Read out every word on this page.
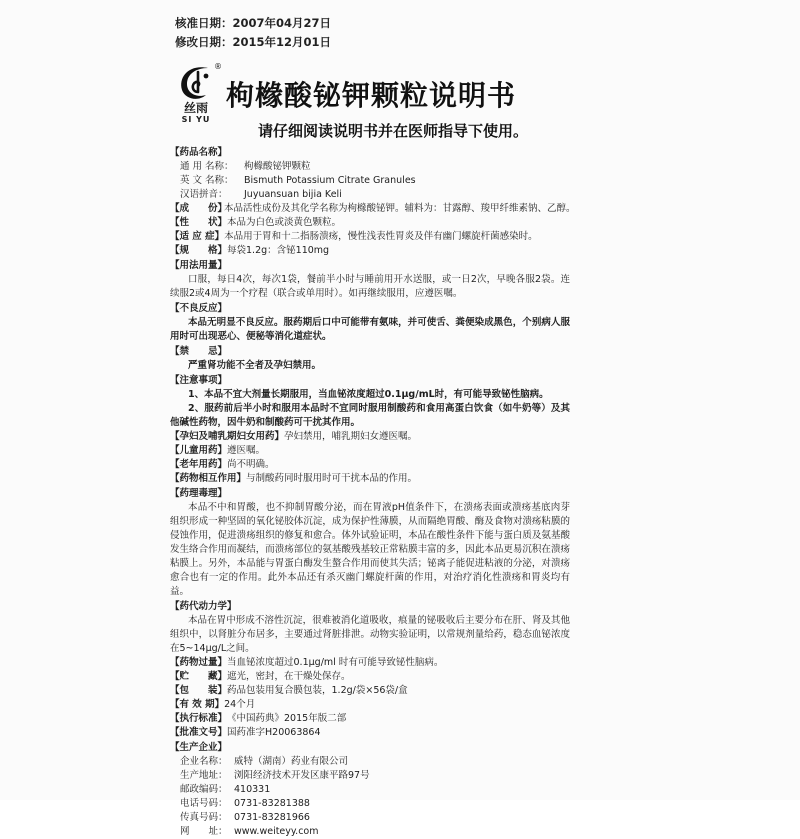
核准日期：2007年04月27日
修改日期：2015年12月01日
丝雨
SI YU
®
枸橼酸铋钾颗粒说明书
请仔细阅读说明书并在医师指导下使用。
【药品名称】
通 用 名称：	枸橼酸铋钾颗粒
英 文 名称：	Bismuth Potassium Citrate Granules
汉语拼音：	Juyuansuan bijia Keli
【成　　份】
本品活性成份及其化学名称为枸橼酸铋钾。辅料为：甘露醇、羧甲纤维素钠、乙醇。
【性　　状】 本品为白色或淡黄色颗粒。
【适 应 症】 本品用于胃和十二指肠溃疡，慢性浅表性胃炎及伴有幽门螺旋杆菌感染时。
【规　　格】 每袋1.2g：含铋110mg
【用法用量】

口服，每日4次，每次1袋，餐前半小时与睡前用开水送服，或一日2次，早晚各服2袋。连续服2或4周为一个疗程（联合或单用时）。如再继续服用，应遵医嘱。

【不良反应】

本品无明显不良反应。服药期后口中可能带有氨味，并可使舌、粪便染成黑色，个别病人服用时可出现恶心、便秘等消化道症状。

【禁　　忌】

严重肾功能不全者及孕妇禁用。

【注意事项】

1、本品不宜大剂量长期服用，当血铋浓度超过0.1μg/mL时，有可能导致铋性脑病。

2、服药前后半小时和服用本品时不宜同时服用制酸药和食用高蛋白饮食（如牛奶等）及其他碱性药物，因牛奶和制酸药可干扰其作用。

【孕妇及哺乳期妇女用药】 孕妇禁用，哺乳期妇女遵医嘱。
【儿童用药】 遵医嘱。
【老年用药】 尚不明确。
【药物相互作用】 与制酸药同时服用时可干扰本品的作用。
【药理毒理】

本品不中和胃酸，也不抑制胃酸分泌，而在胃液pH值条件下，在溃疡表面或溃疡基底肉芽组织形成一种坚固的氧化铋胶体沉淀，成为保护性薄膜，从而隔绝胃酸、酶及食物对溃疡粘膜的侵蚀作用，促进溃疡组织的修复和愈合。体外试验证明，本品在酸性条件下能与蛋白质及氨基酸发生络合作用而凝结，而溃疡部位的氨基酸残基较正常粘膜丰富的多，因此本品更易沉积在溃疡粘膜上。另外，本品能与胃蛋白酶发生螯合作用而使其失活；铋离子能促进粘液的分泌，对溃疡愈合也有一定的作用。此外本品还有杀灭幽门螺旋杆菌的作用，对治疗消化性溃疡和胃炎均有益。

【药代动力学】

本品在胃中形成不溶性沉淀，很难被消化道吸收，痕量的铋吸收后主要分布在肝、肾及其他组织中，以肾脏分布居多，主要通过肾脏排泄。动物实验证明，以常规剂量给药，稳态血铋浓度在5~14μg/L之间。

【药物过量】 当血铋浓度超过0.1μg/ml 时有可能导致铋性脑病。
【贮　　藏】 遮光，密封，在干燥处保存。
【包　　装】 药品包装用复合膜包装，1.2g/袋×56袋/盒
【有 效 期】 24个月
【执行标准】 《中国药典》2015年版二部
【批准文号】 国药准字H20063864
【生产企业】
企业名称： 威特（湖南）药业有限公司
生产地址： 浏阳经济技术开发区康平路97号
邮政编码： 410331
电话号码： 0731-83281388
传真号码： 0731-83281966
网　　址： www.weiteyy.com
